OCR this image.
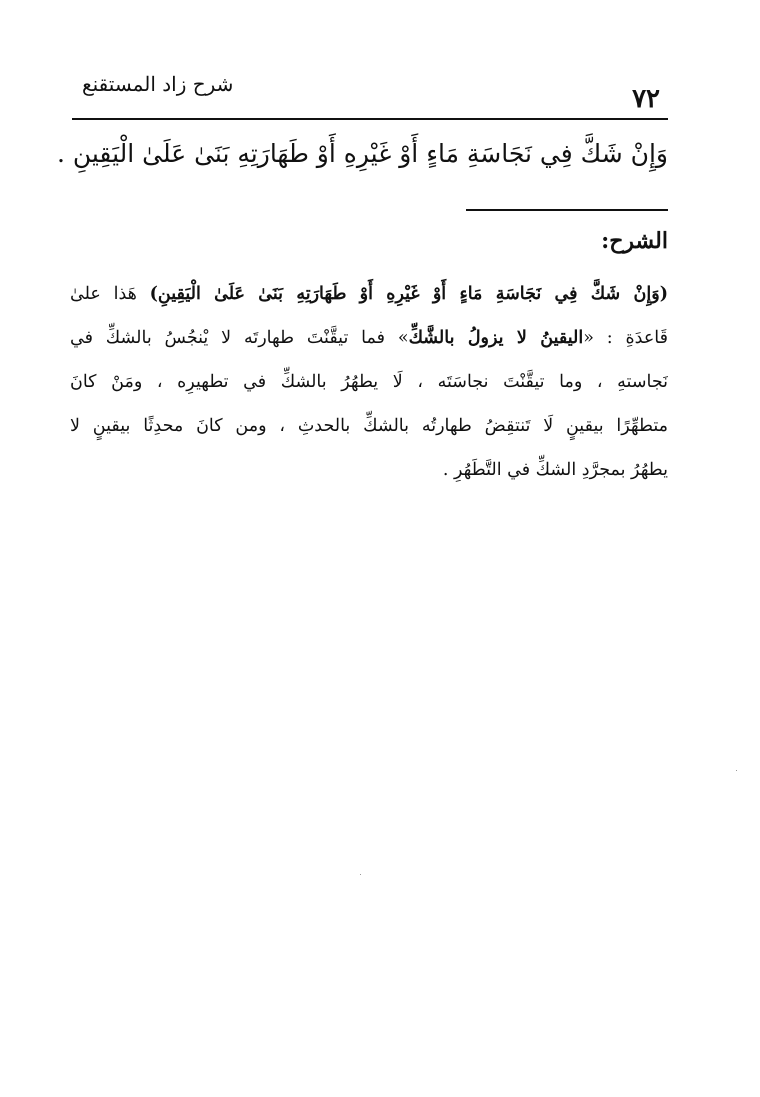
شرح زاد المستقنع	٧٢
وَإِنْ شَكَّ فِي نَجَاسَةِ مَاءٍ أَوْ غَيْرِهِ أَوْ طَهَارَتِهِ بَنَىٰ عَلَىٰ الْيَقِينِ .
الشرح:
(وَإِنْ شَكَّ فِي نَجَاسَةِ مَاءٍ أَوْ غَيْرِهِ أَوْ طَهَارَتِهِ بَنَىٰ عَلَىٰ الْيَقِينِ) هَذا علىٰ
قَاعدَةِ : «اليقينُ لا يزولُ بالشَّكِّ» فما تيقَّنْتَ طهارتَه لا يْنجُسُ بالشكِّ في
نَجاستهِ ، وما تيقَّنْتَ نجاسَتَه ، لَا يطهُرُ بالشكِّ في تطهيرِه ، ومَنْ كانَ
متطهِّرًا بيقينٍ لَا تَنتقِضُ طهارتُه بالشكِّ بالحدثِ ، ومن كانَ محدِثًا بيقينٍ لا
يطهُرُ بمجرَّدِ الشكِّ في التَّطَهُرِ .
